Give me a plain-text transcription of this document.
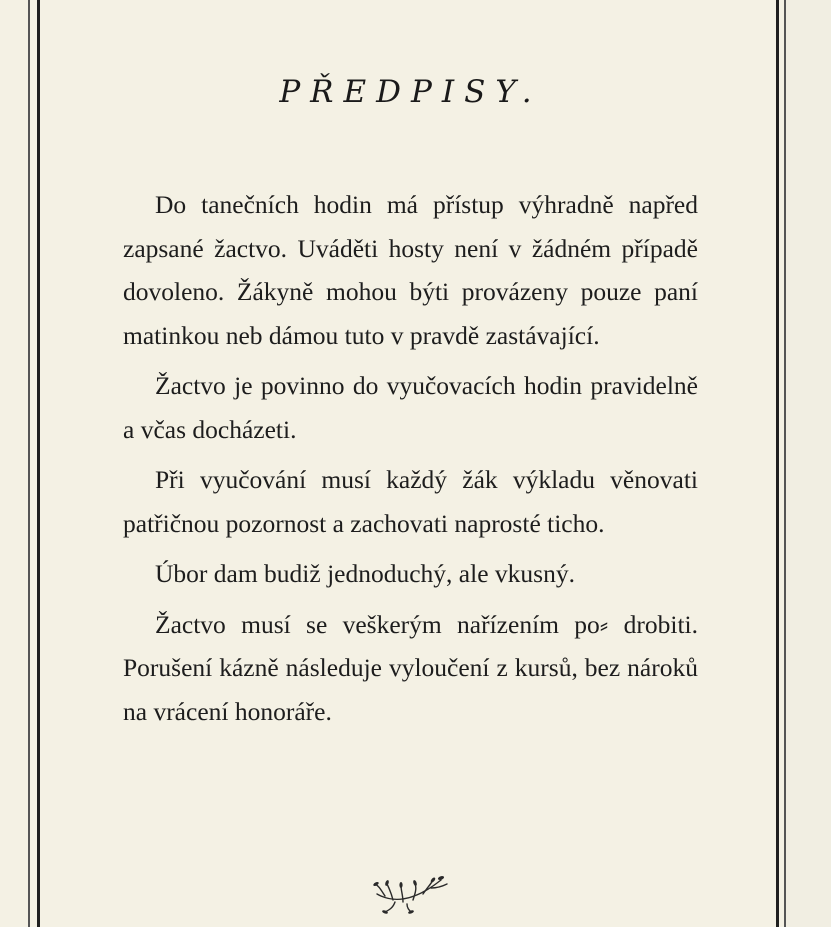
PŘEDPISY.

Do tanečních hodin má přístup výhradně napřed zapsané žactvo. Uváděti hosty není v žádném případě dovoleno. Žákyně mohou býti provázeny pouze paní matinkou neb dámou tuto v pravdě zastávající.

Žactvo je povinno do vyučovacích hodin pravidelně a včas docházeti.

Při vyučování musí každý žák výkladu věnovati patřičnou pozornost a zachovati naprosté ticho.

Úbor dam budiž jednoduchý, ale vkusný.

Žactvo musí se veškerým nařízením po⸗ drobiti. Porušení kázně následuje vyloučení z kursů, bez nároků na vrácení honoráře.
